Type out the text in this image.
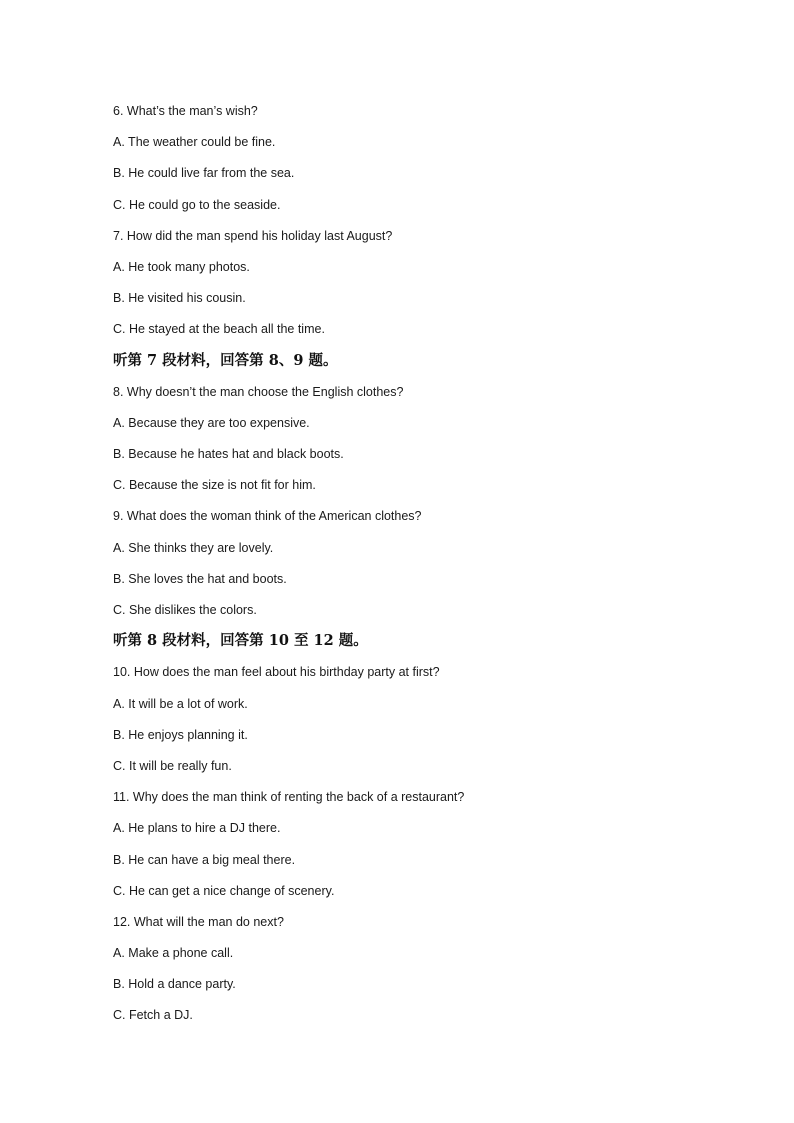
6. What’s the man’s wish?
A. The weather could be fine.
B. He could live far from the sea.
C. He could go to the seaside.
7. How did the man spend his holiday last August?
A. He took many photos.
B. He visited his cousin.
C. He stayed at the beach all the time.
听第 7 段材料，回答第 8、9 题。
8. Why doesn’t the man choose the English clothes?
A. Because they are too expensive.
B. Because he hates hat and black boots.
C. Because the size is not fit for him.
9. What does the woman think of the American clothes?
A. She thinks they are lovely.
B. She loves the hat and boots.
C. She dislikes the colors.
听第 8 段材料，回答第 10 至 12 题。
10. How does the man feel about his birthday party at first?
A. It will be a lot of work.
B. He enjoys planning it.
C. It will be really fun.
11. Why does the man think of renting the back of a restaurant?
A. He plans to hire a DJ there.
B. He can have a big meal there.
C. He can get a nice change of scenery.
12. What will the man do next?
A. Make a phone call.
B. Hold a dance party.
C. Fetch a DJ.
